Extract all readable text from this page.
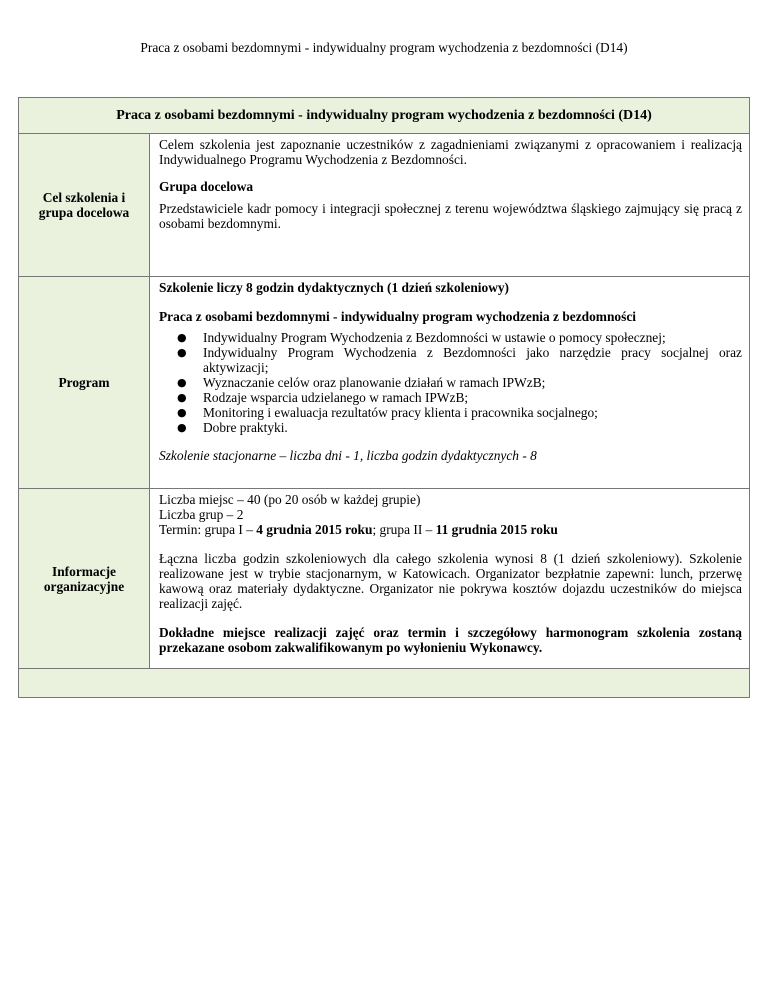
Praca z osobami bezdomnymi - indywidualny program wychodzenia z bezdomności (D14)
Praca z osobami bezdomnymi - indywidualny program wychodzenia z bezdomności (D14)
Cel szkolenia i grupa docelowa

Celem szkolenia jest zapoznanie uczestników z zagadnieniami związanymi z opracowaniem i realizacją Indywidualnego Programu Wychodzenia z Bezdomności.

Grupa docelowa

Przedstawiciele kadr pomocy i integracji społecznej z terenu województwa śląskiego zajmujący się pracą z osobami bezdomnymi.

Program

Szkolenie liczy 8 godzin dydaktycznych (1 dzień szkoleniowy)

Praca z osobami bezdomnymi - indywidualny program wychodzenia z bezdomności

● Indywidualny Program Wychodzenia z Bezdomności w ustawie o pomocy społecznej;
● Indywidualny Program Wychodzenia z Bezdomności jako narzędzie pracy socjalnej oraz aktywizacji;
● Wyznaczanie celów oraz planowanie działań w ramach IPWzB;
● Rodzaje wsparcia udzielanego w ramach IPWzB;
● Monitoring i ewaluacja rezultatów pracy klienta i pracownika socjalnego;
● Dobre praktyki.

Szkolenie stacjonarne – liczba dni - 1, liczba godzin dydaktycznych - 8

Informacje organizacyjne

Liczba miejsc – 40 (po 20 osób w każdej grupie)

Liczba grup – 2

Termin: grupa I – 4 grudnia 2015 roku; grupa II – 11 grudnia 2015 roku

Łączna liczba godzin szkoleniowych dla całego szkolenia wynosi 8 (1 dzień szkoleniowy). Szkolenie realizowane jest w trybie stacjonarnym, w Katowicach. Organizator bezpłatnie zapewni: lunch, przerwę kawową oraz materiały dydaktyczne. Organizator nie pokrywa kosztów dojazdu uczestników do miejsca realizacji zajęć.

Dokładne miejsce realizacji zajęć oraz termin i szczegółowy harmonogram szkolenia zostaną przekazane osobom zakwalifikowanym po wyłonieniu Wykonawcy.
